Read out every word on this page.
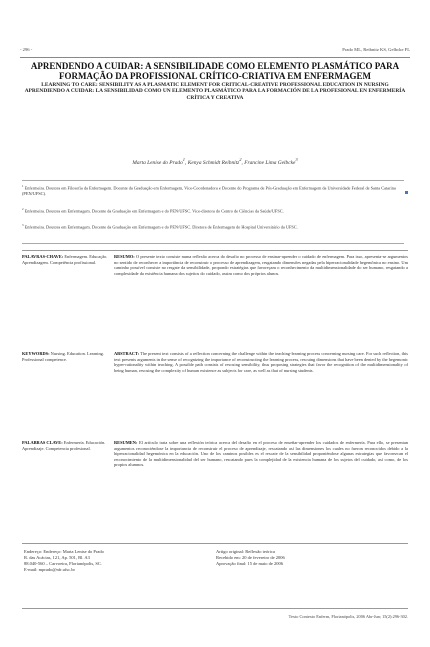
- 296 -	Prado ML, Reibnitz KS, Gelbcke FL

APRENDENDO A CUIDAR: A SENSIBILIDADE COMO ELEMENTO PLASMÁTICO PARA FORMAÇÃO DA PROFISSIONAL CRÍTICO-CRIATIVA EM ENFERMAGEM

LEARNING TO CARE: SENSIBILITY AS A PLASMATIC ELEMENT FOR CRITICAL-CREATIVE PROFESSIONAL EDUCATION IN NURSING

APRENDIENDO A CUIDAR: LA SENSIBILIDAD COMO UN ELEMENTO PLASMÁTICO PARA LA FORMACIÓN DE LA PROFESIONAL EN ENFERMERÍA CRÍTICA Y CREATIVA

Marta Lenise do Prado$^1$, Kenya Schmidt Reibnitz$^2$, Francine Lima Gelbcke$^3$
$^1$ Enfermeira. Doutora em Filosofia da Enfermagem. Docente da Graduação em Enfermagem, Vice-Coordenadora e Docente do Programa de Pós-Graduação em Enfermagem da Universidade Federal de Santa Catarina (PEN/UFSC).
$^2$ Enfermeira. Doutora em Enfermagem. Docente da Graduação em Enfermagem e do PEN/UFSC. Vice-diretora do Centro de Ciências da Saúde/UFSC.
$^3$ Enfermeira. Doutora em Enfermagem. Docente da Graduação em Enfermagem e do PEN/UFSC. Diretora de Enfermagem do Hospital Universitário da UFSC.
PALAVRAS-CHAVE: Enfermagem. Educação. Aprendizagem. Competência profissional.
RESUMO: O presente texto consiste numa reflexão acerca do desafio no processo de ensinar-aprender o cuidado de enfermagem. Para isso, apresenta-se argumentos no sentido de reconhecer a importância de reconstruir o processo de aprendizagem, resgatando dimensões negadas pela hiperracionalidade hegemônica no ensino. Um caminho possível consiste no resgate da sensibilidade, propondo estratégias que favoreçam o reconhecimento da multidimensionalidade do ser humano, resgatando a complexidade da existência humana dos sujeitos do cuidado, assim como dos próprios alunos.
KEYWORDS: Nursing. Education. Learning. Professional competence.
ABSTRACT: The present text consists of a reflection concerning the challenge within the teaching-learning process concerning nursing care. For such reflection, this text presents arguments in the sense of recognizing the importance of reconstructing the learning process, rescuing dimensions that have been denied by the hegemonic hyper-rationality within teaching. A possible path consists of rescuing sensibility, thus proposing strategies that favor the recognition of the multidimensionality of being human, rescuing the complexity of human existence as subjects for care, as well as that of nursing students.
PALABRAS CLAVE: Enfermería. Educación. Aprendizaje. Competencia profesional.
RESUMEN: El artículo trata sobre una reflexión teórica acerca del desafío en el proceso de enseñar-aprender los cuidados de enfermería. Para ello, se presentan argumentos reconociéndose la importancia de reconstruir el proceso de aprendizaje, rescatando así las dimensiones los cuales no fueron reconocidos debido a la hiperracionalidad hegemónica en la educación. Uno de los caminos posibles es el rescate de la sensibilidad proponiéndose algunas estrategias que favorezcan el reconocimiento de la multidimensionalidad del ser humano, rescatando pues la complejidad de la existencia humana de los sujetos del cuidado, así como, de los propios alumnos.
Endereço: Endereço: Marta Lenise do Prado
R. das Acácias, 121, Ap. 501, Bl. A3
88.040-560 – Carvoeira, Florianópolis, SC.
E-mail: mprado@nfr.ufsc.br
Artigo original: Reflexão teórica
Recebido em: 20 de fevereiro de 2006
Aprovação final: 15 de maio de 2006
Texto Contexto Enferm, Florianópolis, 2006 Abr-Jun; 15(2):296-302.
